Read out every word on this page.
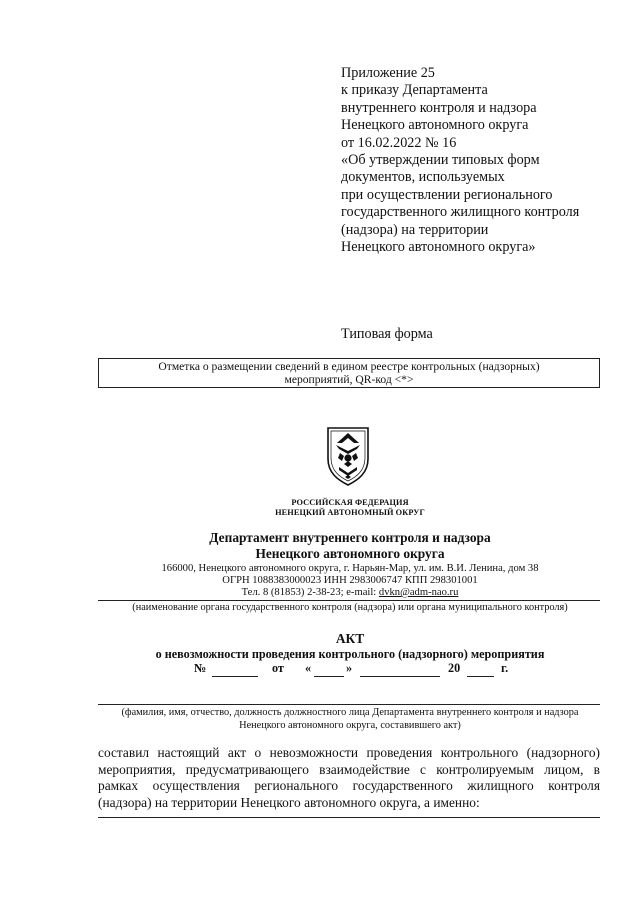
Приложение 25
к приказу Департамента
внутреннего контроля и надзора
Ненецкого автономного округа
от 16.02.2022 № 16
«Об утверждении типовых форм
документов, используемых
при осуществлении регионального
государственного жилищного контроля
(надзора) на территории
Ненецкого автономного округа»
Типовая форма
Отметка о размещении сведений в едином реестре контрольных (надзорных)
мероприятий, QR-код <*>
РОССИЙСКАЯ ФЕДЕРАЦИЯ
НЕНЕЦКИЙ АВТОНОМНЫЙ ОКРУГ
Департамент внутреннего контроля и надзора
Ненецкого автономного округа
166000, Ненецкого автономного округа, г. Нарьян-Мар, ул. им. В.И. Ленина, дом 38
ОГРН 1088383000023 ИНН 2983006747 КПП 298301001
Тел. 8 (81853) 2-38-23; e-mail: dvkn@adm-nao.ru
(наименование органа государственного контроля (надзора) или органа муниципального контроля)
АКТ
о невозможности проведения контрольного (надзорного) мероприятия
№	от «	»	20	г.
(фамилия, имя, отчество, должность должностного лица Департамента внутреннего контроля и надзора
Ненецкого автономного округа, составившего акт)
составил настоящий акт о невозможности проведения контрольного (надзорного) мероприятия, предусматривающего взаимодействие с контролируемым лицом, в рамках осуществления регионального государственного жилищного контроля (надзора) на территории Ненецкого автономного округа, а именно:
